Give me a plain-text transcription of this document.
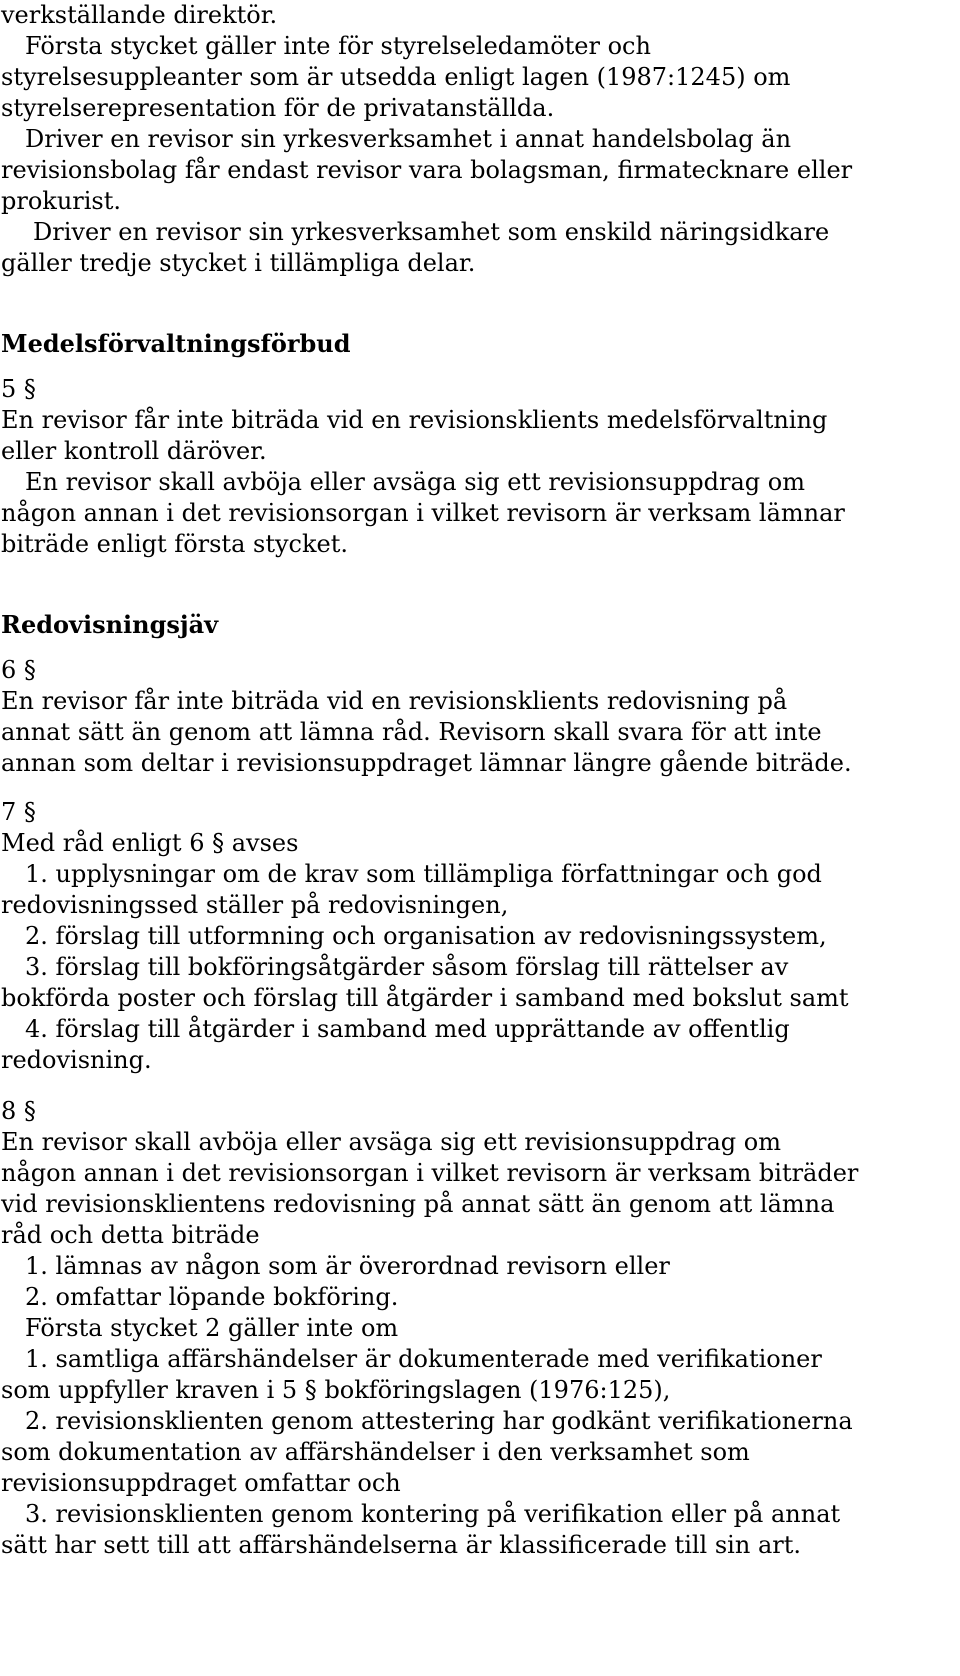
verkställande direktör.
Första stycket gäller inte för styrelseledamöter och
styrelsesuppleanter som är utsedda enligt lagen (1987:1245) om
styrelserepresentation för de privatanställda.
Driver en revisor sin yrkesverksamhet i annat handelsbolag än
revisionsbolag får endast revisor vara bolagsman, firmatecknare eller
prokurist.
Driver en revisor sin yrkesverksamhet som enskild näringsidkare
gäller tredje stycket i tillämpliga delar.
Medelsförvaltningsförbud
5 §
En revisor får inte biträda vid en revisionsklients medelsförvaltning
eller kontroll däröver.
En revisor skall avböja eller avsäga sig ett revisionsuppdrag om
någon annan i det revisionsorgan i vilket revisorn är verksam lämnar
biträde enligt första stycket.
Redovisningsjäv
6 §
En revisor får inte biträda vid en revisionsklients redovisning på
annat sätt än genom att lämna råd. Revisorn skall svara för att inte
annan som deltar i revisionsuppdraget lämnar längre gående biträde.
7 §
Med råd enligt 6 § avses
1. upplysningar om de krav som tillämpliga författningar och god
redovisningssed ställer på redovisningen,
2. förslag till utformning och organisation av redovisningssystem,
3. förslag till bokföringsåtgärder såsom förslag till rättelser av
bokförda poster och förslag till åtgärder i samband med bokslut samt
4. förslag till åtgärder i samband med upprättande av offentlig
redovisning.
8 §
En revisor skall avböja eller avsäga sig ett revisionsuppdrag om
någon annan i det revisionsorgan i vilket revisorn är verksam biträder
vid revisionsklientens redovisning på annat sätt än genom att lämna
råd och detta biträde
1. lämnas av någon som är överordnad revisorn eller
2. omfattar löpande bokföring.
Första stycket 2 gäller inte om
1. samtliga affärshändelser är dokumenterade med verifikationer
som uppfyller kraven i 5 § bokföringslagen (1976:125),
2. revisionsklienten genom attestering har godkänt verifikationerna
som dokumentation av affärshändelser i den verksamhet som
revisionsuppdraget omfattar och
3. revisionsklienten genom kontering på verifikation eller på annat
sätt har sett till att affärshändelserna är klassificerade till sin art.
